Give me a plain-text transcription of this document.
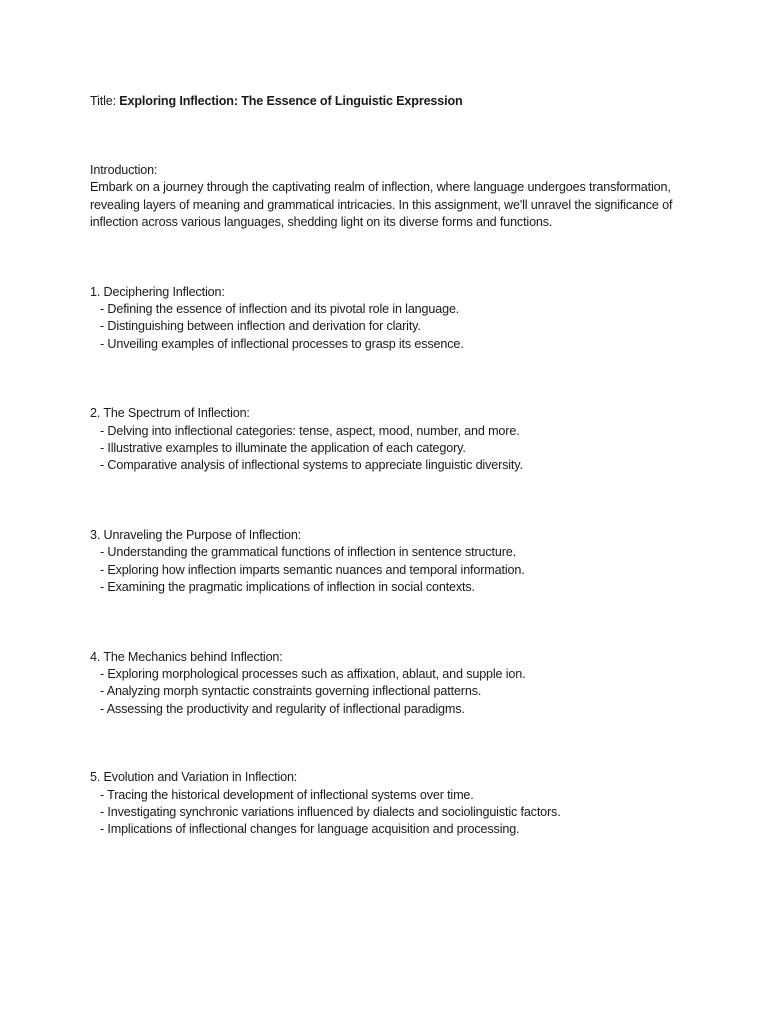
Title: Exploring Inflection: The Essence of Linguistic Expression

Introduction:

Embark on a journey through the captivating realm of inflection, where language undergoes transformation, revealing layers of meaning and grammatical intricacies. In this assignment, we'll unravel the significance of inflection across various languages, shedding light on its diverse forms and functions.

1. Deciphering Inflection:

- Defining the essence of inflection and its pivotal role in language.
- Distinguishing between inflection and derivation for clarity.
- Unveiling examples of inflectional processes to grasp its essence.

2. The Spectrum of Inflection:

- Delving into inflectional categories: tense, aspect, mood, number, and more.
- Illustrative examples to illuminate the application of each category.
- Comparative analysis of inflectional systems to appreciate linguistic diversity.

3. Unraveling the Purpose of Inflection:

- Understanding the grammatical functions of inflection in sentence structure.
- Exploring how inflection imparts semantic nuances and temporal information.
- Examining the pragmatic implications of inflection in social contexts.

4. The Mechanics behind Inflection:

- Exploring morphological processes such as affixation, ablaut, and supple ion.
- Analyzing morph syntactic constraints governing inflectional patterns.
- Assessing the productivity and regularity of inflectional paradigms.

5. Evolution and Variation in Inflection:

- Tracing the historical development of inflectional systems over time.
- Investigating synchronic variations influenced by dialects and sociolinguistic factors.
- Implications of inflectional changes for language acquisition and processing.
